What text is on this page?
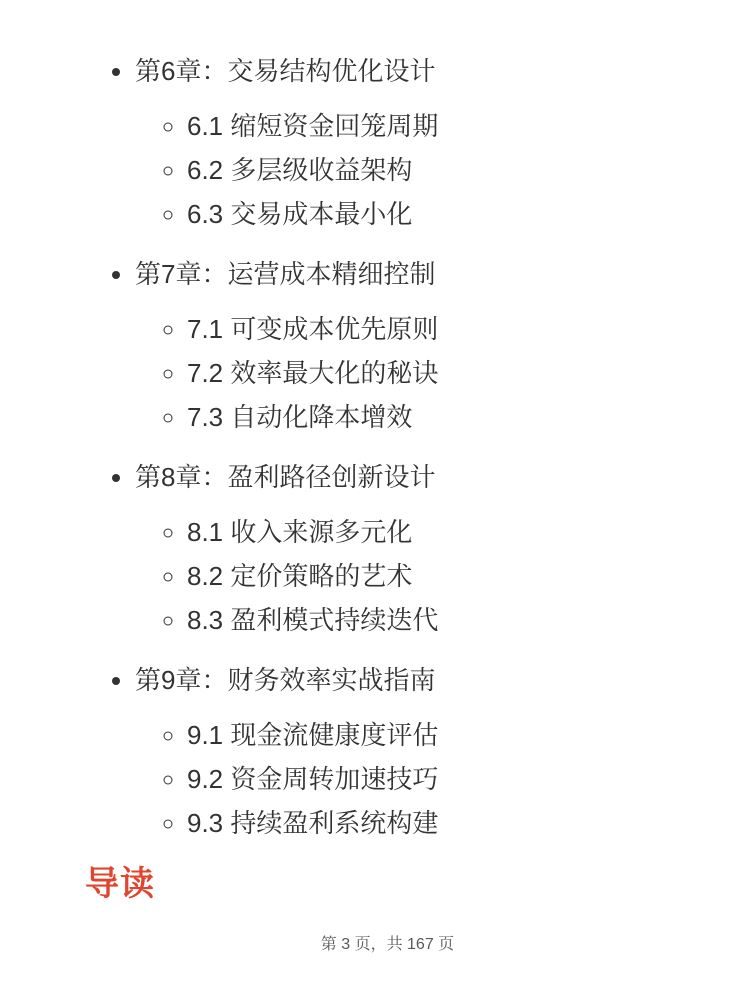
• 第6章：交易结构优化设计
◦ 6.1 缩短资金回笼周期
◦ 6.2 多层级收益架构
◦ 6.3 交易成本最小化
• 第7章：运营成本精细控制
◦ 7.1 可变成本优先原则
◦ 7.2 效率最大化的秘诀
◦ 7.3 自动化降本增效
• 第8章：盈利路径创新设计
◦ 8.1 收入来源多元化
◦ 8.2 定价策略的艺术
◦ 8.3 盈利模式持续迭代
• 第9章：财务效率实战指南
◦ 9.1 现金流健康度评估
◦ 9.2 资金周转加速技巧
◦ 9.3 持续盈利系统构建
导读
第 3 页，共 167 页
